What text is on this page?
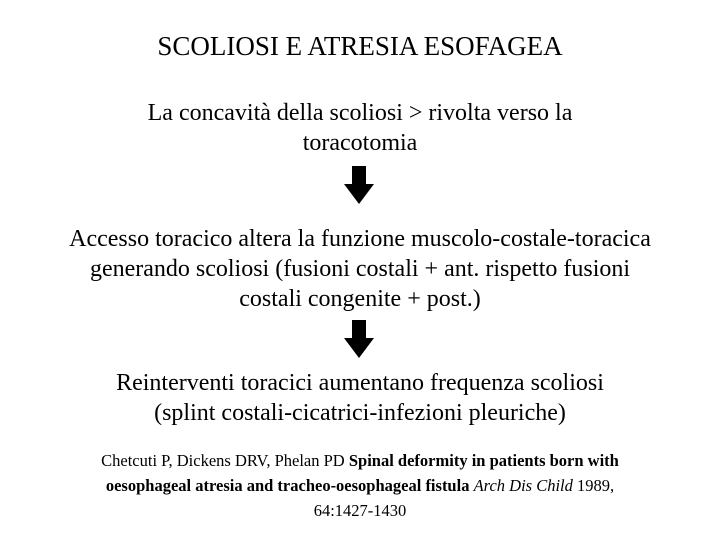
SCOLIOSI E ATRESIA ESOFAGEA
La concavità della scoliosi > rivolta verso la
toracotomia
Accesso toracico altera la funzione muscolo-costale-toracica
generando scoliosi (fusioni costali + ant. rispetto fusioni
costali congenite + post.)
Reinterventi toracici aumentano frequenza scoliosi
(splint costali-cicatrici-infezioni pleuriche)
Chetcuti P, Dickens DRV, Phelan PD Spinal deformity in patients born with
oesophageal atresia and tracheo-oesophageal fistula Arch Dis Child 1989,
64:1427-1430
